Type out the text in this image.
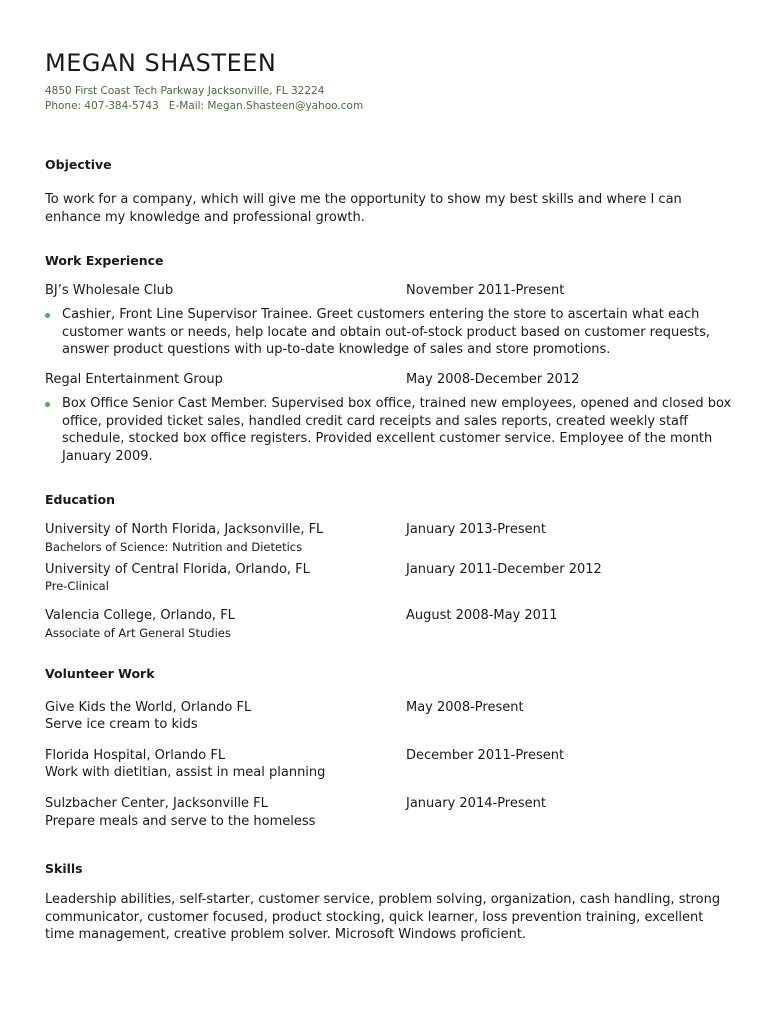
MEGAN SHASTEEN
4850 First Coast Tech Parkway Jacksonville, FL 32224
Phone: 407-384-5743 E-Mail: Megan.Shasteen@yahoo.com
Objective

To work for a company, which will give me the opportunity to show my best skills and where I can enhance my knowledge and professional growth.

Work Experience
BJ’s Wholesale Club	November 2011-Present
Cashier, Front Line Supervisor Trainee. Greet customers entering the store to ascertain what each customer wants or needs, help locate and obtain out-of-stock product based on customer requests, answer product questions with up-to-date knowledge of sales and store promotions.
Regal Entertainment Group	May 2008-December 2012
Box Office Senior Cast Member. Supervised box office, trained new employees, opened and closed box office, provided ticket sales, handled credit card receipts and sales reports, created weekly staff schedule, stocked box office registers. Provided excellent customer service. Employee of the month January 2009.
Education
University of North Florida, Jacksonville, FL	January 2013-Present
Bachelors of Science: Nutrition and Dietetics
University of Central Florida, Orlando, FL	January 2011-December 2012
Pre-Clinical
Valencia College, Orlando, FL	August 2008-May 2011
Associate of Art General Studies
Volunteer Work
Give Kids the World, Orlando FL	May 2008-Present
Serve ice cream to kids
Florida Hospital, Orlando FL	December 2011-Present
Work with dietitian, assist in meal planning
Sulzbacher Center, Jacksonville FL	January 2014-Present
Prepare meals and serve to the homeless
Skills

Leadership abilities, self-starter, customer service, problem solving, organization, cash handling, strong communicator, customer focused, product stocking, quick learner, loss prevention training, excellent time management, creative problem solver. Microsoft Windows proficient.
